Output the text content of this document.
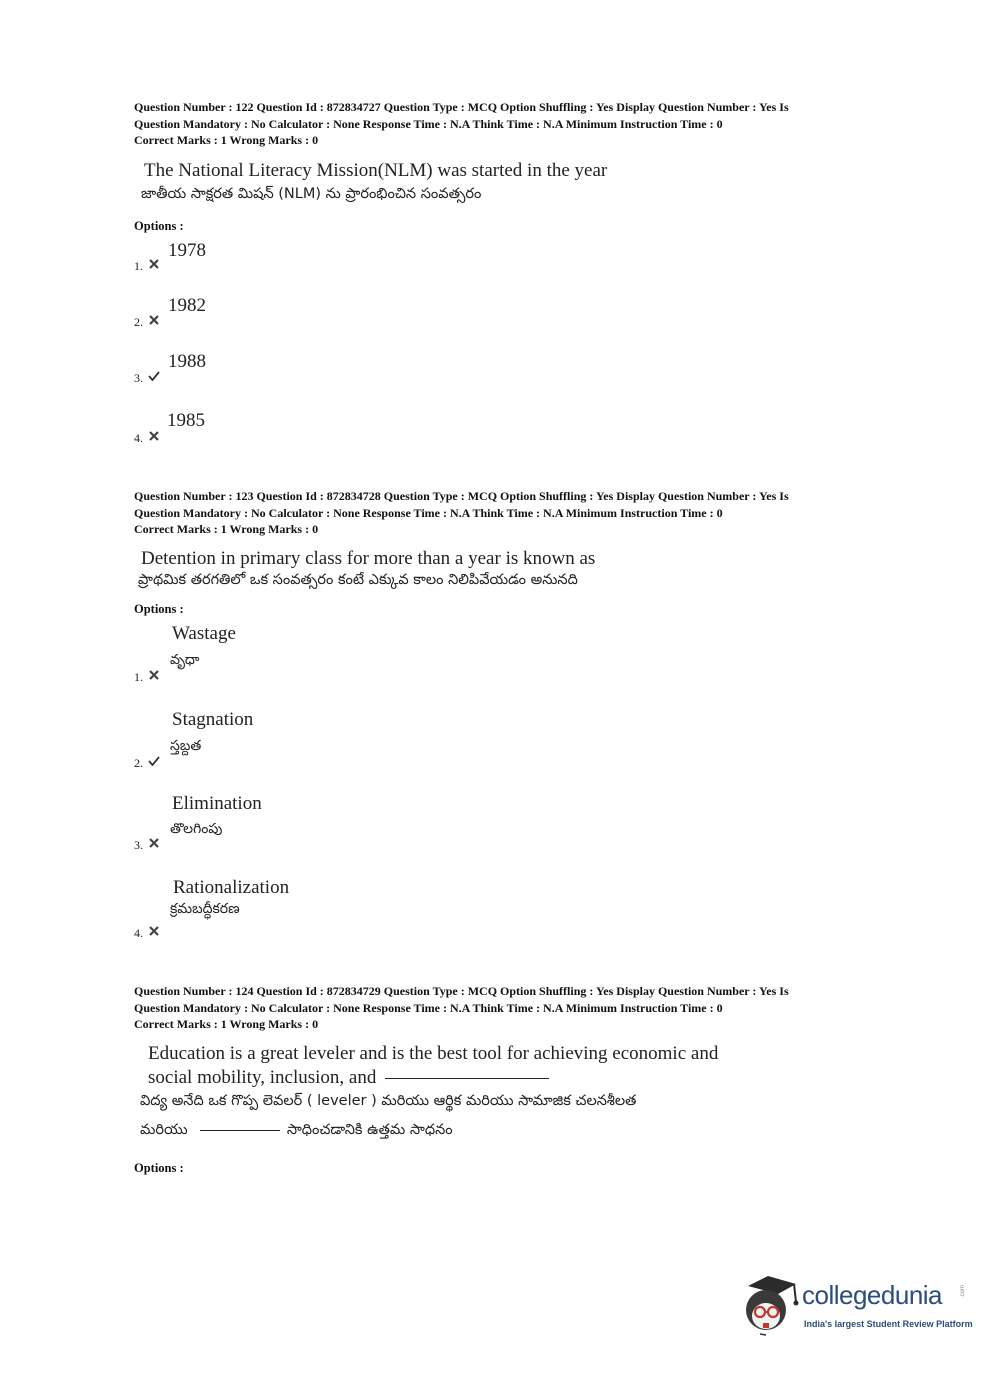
Question Number : 122 Question Id : 872834727 Question Type : MCQ Option Shuffling : Yes Display Question Number : Yes Is
Question Mandatory : No Calculator : None Response Time : N.A Think Time : N.A Minimum Instruction Time : 0
Correct Marks : 1 Wrong Marks : 0
The National Literacy Mission(NLM) was started in the year
జాతీయ సాక్షరత మిషన్ (NLM) ను ప్రారంభించిన సంవత్సరం
Options :
1.
1978
2.
1982
3.
1988
4.
1985
Question Number : 123 Question Id : 872834728 Question Type : MCQ Option Shuffling : Yes Display Question Number : Yes Is
Question Mandatory : No Calculator : None Response Time : N.A Think Time : N.A Minimum Instruction Time : 0
Correct Marks : 1 Wrong Marks : 0
Detention in primary class for more than a year is known as
ప్రాథమిక తరగతిలో ఒక సంవత్సరం కంటే ఎక్కువ కాలం నిలిపివేయడం అనునది
Options :
1.
Wastage
వృధా
2.
Stagnation
స్తబ్దత
3.
Elimination
తొలగింపు
4.
Rationalization
క్రమబద్ధీకరణ
Question Number : 124 Question Id : 872834729 Question Type : MCQ Option Shuffling : Yes Display Question Number : Yes Is
Question Mandatory : No Calculator : None Response Time : N.A Think Time : N.A Minimum Instruction Time : 0
Correct Marks : 1 Wrong Marks : 0
Education is a great leveler and is the best tool for achieving economic and
social mobility, inclusion, and
విద్య అనేది ఒక గొప్ప లెవలర్ ( leveler ) మరియు ఆర్థిక మరియు సామాజిక చలనశీలత
మరియు	సాధించడానికి ఉత్తమ సాధనం
Options :
collegedunia	.com
India's largest Student Review Platform
